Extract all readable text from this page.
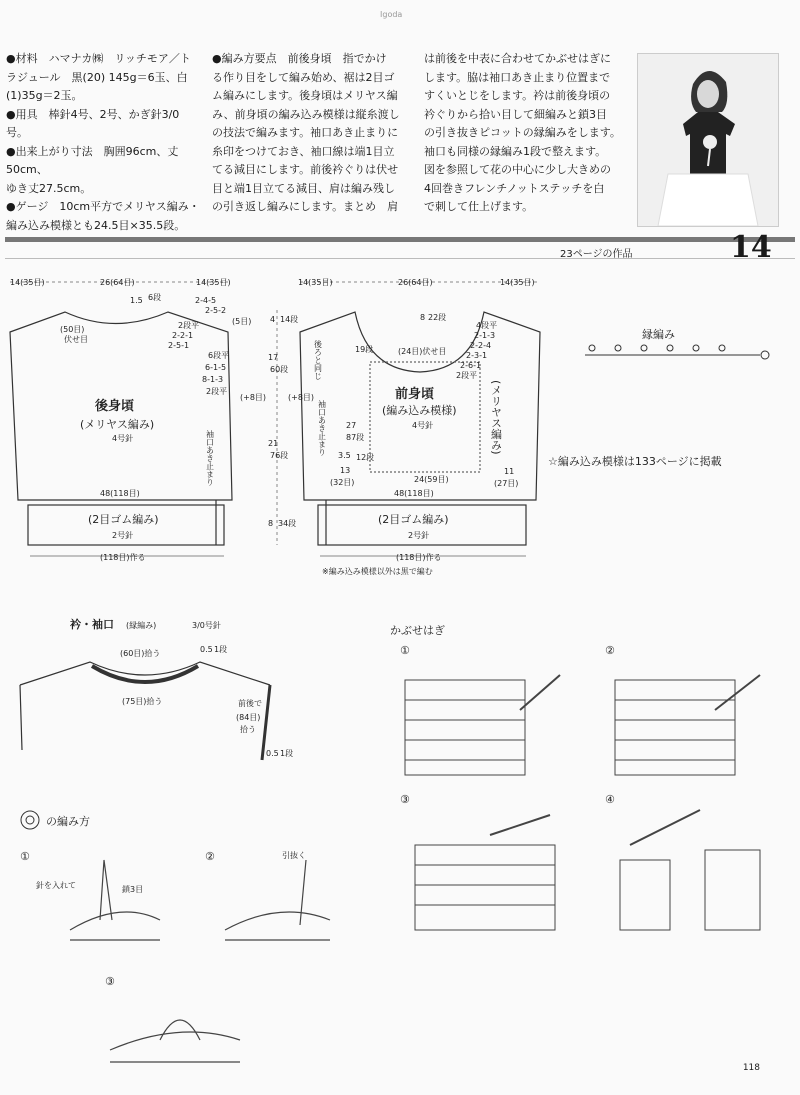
Igoda
●材料　ハマナカ㈱　リッチモア／ト
ラジュール　黒(20) 145g＝6玉、白
(1)35g＝2玉。
●用具　棒針4号、2号、かぎ針3/0
号。
●出来上がり寸法　胸囲96cm、丈50cm、
ゆき丈27.5cm。
●ゲージ　10cm平方でメリヤス編み・
編み込み模様とも24.5目×35.5段。
●編み方要点　前後身頃　指でかけ
る作り目をして編み始め、裾は2目ゴ
ム編みにします。後身頃はメリヤス編
み、前身頃の編み込み模様は縦糸渡し
の技法で編みます。袖口あき止まりに
糸印をつけておき、袖口線は端1目立
てる減目にします。前後衿ぐりは伏せ
目と端1目立てる減目、肩は編み残し
の引き返し編みにします。まとめ　肩
は前後を中表に合わせてかぶせはぎに
します。脇は袖口あき止まり位置まで
すくいとじをします。衿は前後身頃の
衿ぐりから拾い目して細編みと鎖3目
の引き抜きピコットの縁編みをします。
袖口も同様の縁編み1段で整えます。
図を参照して花の中心に少し大きめの
4回巻きフレンチノットステッチを白
で刺して仕上げます。
23ページの作品	14
14(35目)	26(64目)	14(35目)
2-4-5
2-5-2
(5目)
1.5 6段
(50目)
伏せ目
2段平
2-2-1
2-5-1
6段平
6-1-5
8-1-3
2段平
(+8目)
後身頃
(メリヤス編み)
4号針	袖口あき止まり
48(118目)
(2目ゴム編み)
2号針
(118目)作る
4 14段
17
60段
21
76段
8 34段
14(35目)	26(64目)	14(35目)
8 22段
4段平
2-1-3
2-2-4
2-3-1
2-6-1
2段平
(24目)伏せ目
19段
後ろと同じ
袖口あき止まり
前身頃
(編み込み模様)
4号針	(メリヤス編み)
27
87段
24(59目)
11
(27目)
3.5 12段
13
(32目)
48(118目)
(2目ゴム編み)
2号針
(118目)作る
※編み込み模様以外は黒で編む
(+8目)
縁編み
☆編み込み模様は133ページに掲載
衿・袖口 (縁編み)	3/0号針
(60目)拾う	0.5 1段
(75目)拾う	前後で
(84目)
拾う
0.5 1段
の編み方
①	②
③
針を入れて	鎖3目
引抜く
かぶせはぎ
①	②
③	④
118
